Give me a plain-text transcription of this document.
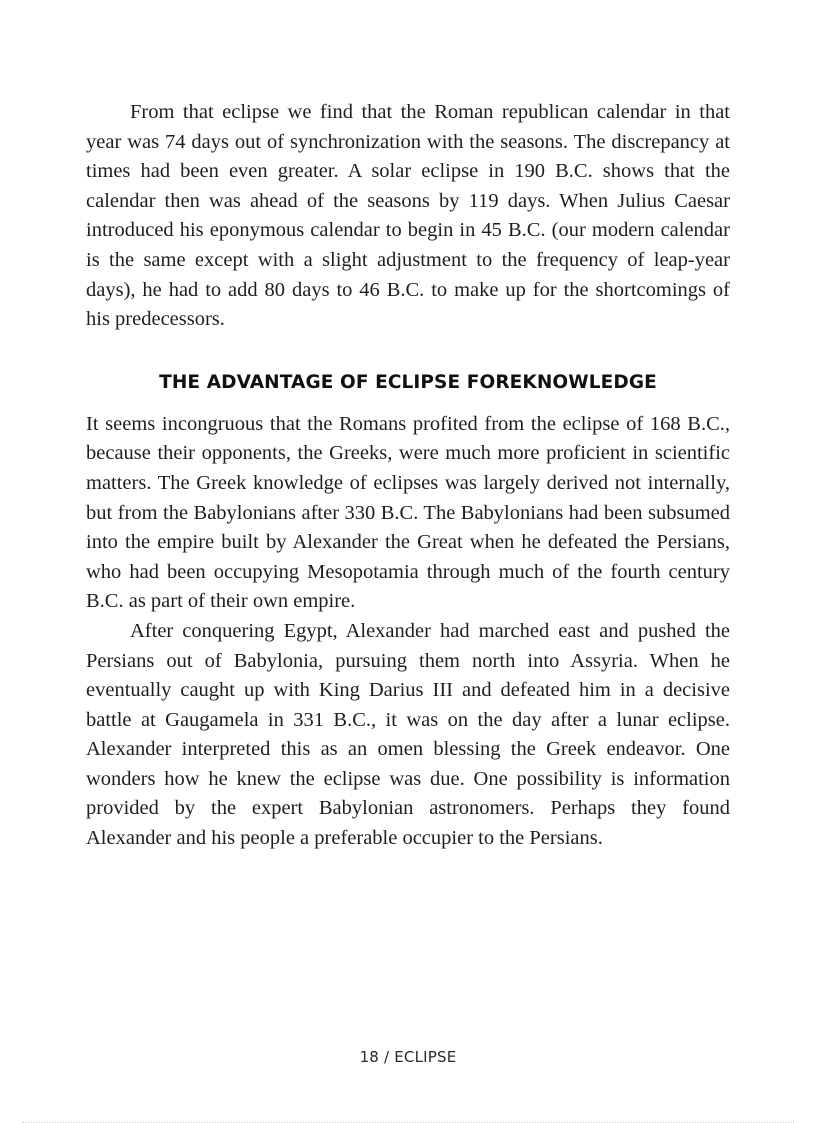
From that eclipse we find that the Roman republican calendar in that year was 74 days out of synchronization with the seasons. The discrepancy at times had been even greater. A solar eclipse in 190 B.C. shows that the calendar then was ahead of the seasons by 119 days. When Julius Caesar introduced his eponymous calendar to begin in 45 B.C. (our modern calendar is the same except with a slight adjustment to the frequency of leap-year days), he had to add 80 days to 46 B.C. to make up for the shortcomings of his predecessors.

THE ADVANTAGE OF ECLIPSE FOREKNOWLEDGE

It seems incongruous that the Romans profited from the eclipse of 168 B.C., because their opponents, the Greeks, were much more proficient in scientific matters. The Greek knowledge of eclipses was largely derived not internally, but from the Babylonians after 330 B.C. The Babylonians had been subsumed into the empire built by Alexander the Great when he defeated the Persians, who had been occupying Mesopotamia through much of the fourth century B.C. as part of their own empire.

After conquering Egypt, Alexander had marched east and pushed the Persians out of Babylonia, pursuing them north into Assyria. When he eventually caught up with King Darius III and defeated him in a decisive battle at Gaugamela in 331 B.C., it was on the day after a lunar eclipse. Alexander interpreted this as an omen blessing the Greek endeavor. One wonders how he knew the eclipse was due. One possibility is information provided by the expert Babylonian astronomers. Perhaps they found Alexander and his people a preferable occupier to the Persians.

18 / ECLIPSE
